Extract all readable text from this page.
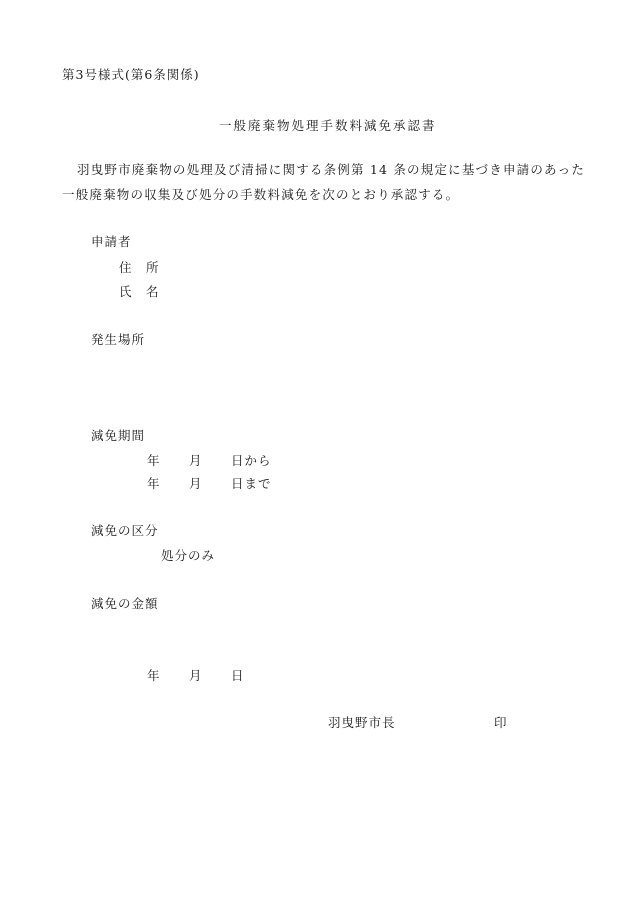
第3号様式(第6条関係)
一般廃棄物処理手数料減免承認書
羽曳野市廃棄物の処理及び清掃に関する条例第 14 条の規定に基づき申請のあった
一般廃棄物の収集及び処分の手数料減免を次のとおり承認する。
申請者
住　所
氏　名
発生場所
減免期間
年 月 日から
年 月 日まで
減免の区分
処分のみ
減免の金額
年 月 日
羽曳野市長	印
